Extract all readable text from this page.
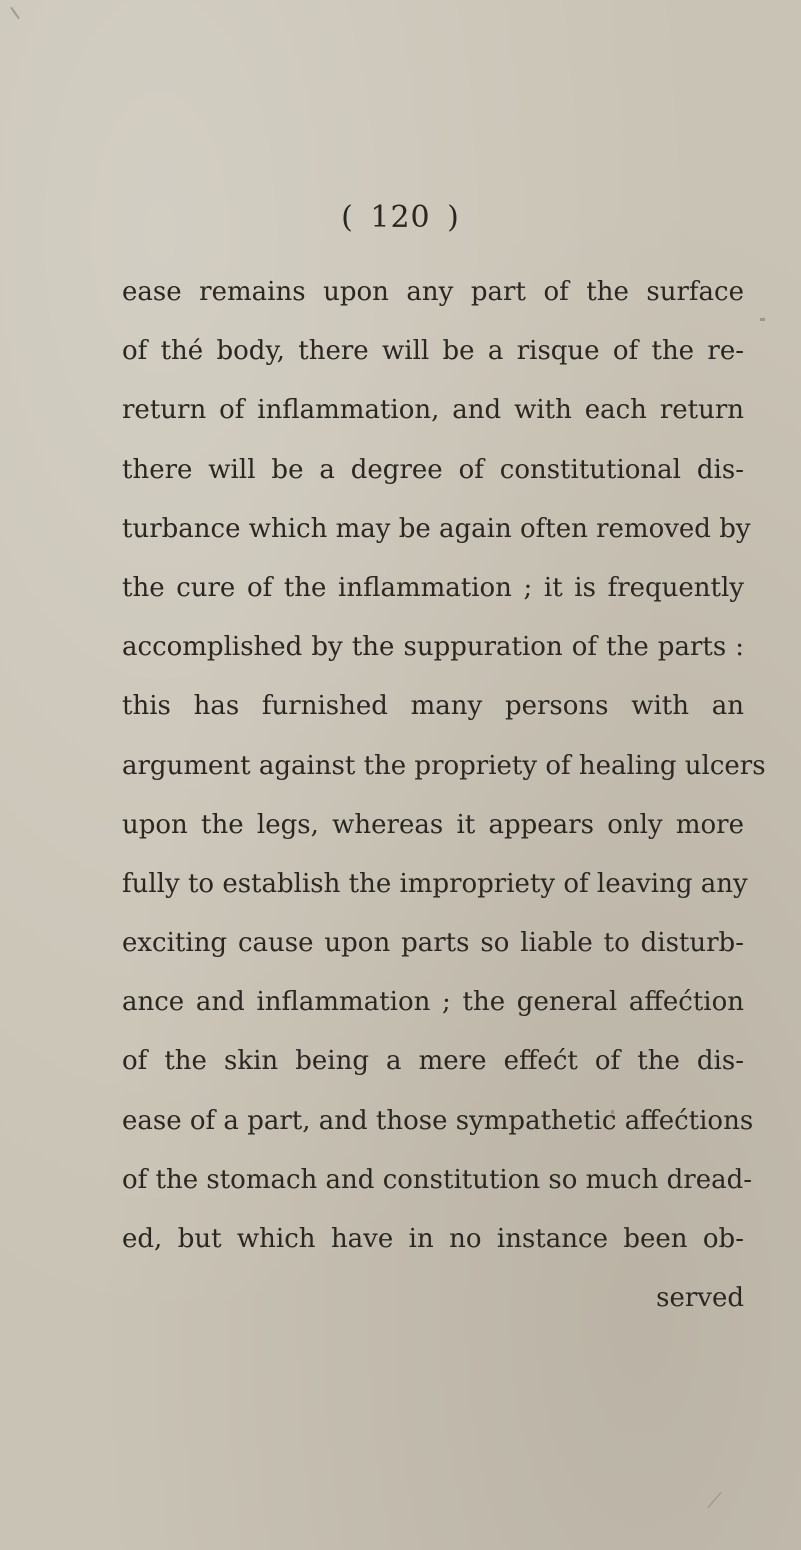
( 120 )
ease remains upon any part of the surface
of thé body, there will be a risque of the re-
return of inflammation, and with each return
there will be a degree of constitutional dis-
turbance which may be again often removed by
the cure of the inflammation ; it is frequently
accomplished by the suppuration of the parts :
this has furnished many persons with an
argument against the propriety of healing ulcers
upon the legs, whereas it appears only more
fully to establish the impropriety of leaving any
exciting cause upon parts so liable to disturb-
ance and inflammation ; the general affećtion
of the skin being a mere effećt of the dis-
ease of a part, and those sympathetic affećtions
of the stomach and constitution so much dread-
ed, but which have in no instance been ob-
served
